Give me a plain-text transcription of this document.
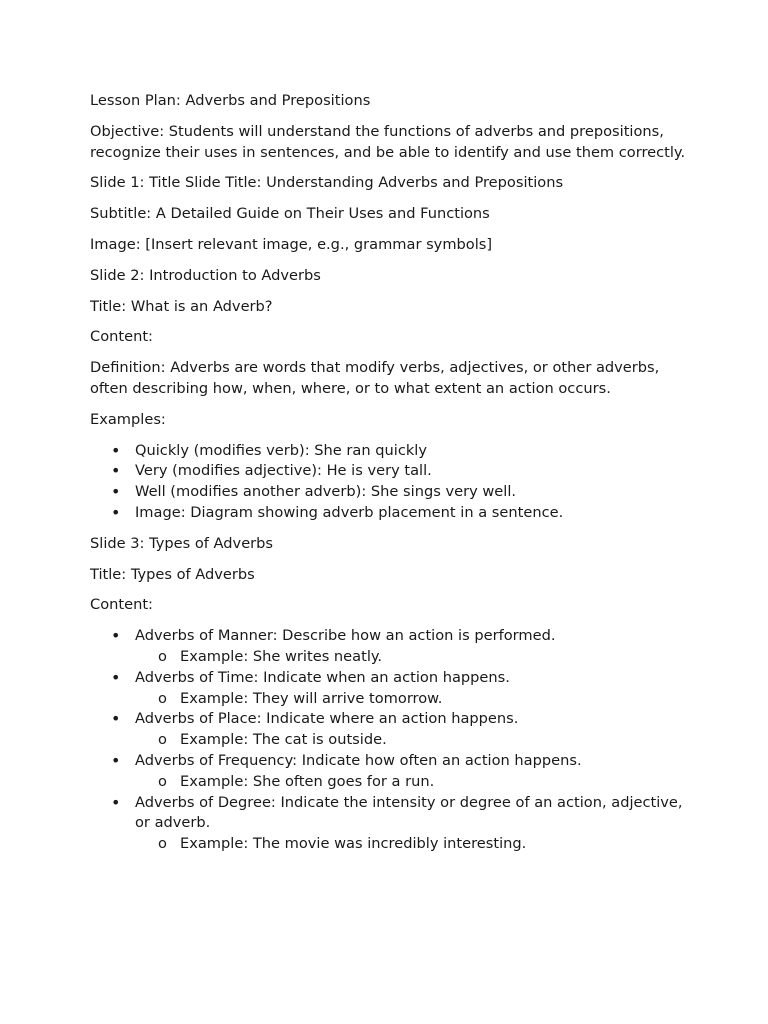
Lesson Plan: Adverbs and Prepositions

Objective: Students will understand the functions of adverbs and prepositions, recognize their uses in sentences, and be able to identify and use them correctly.

Slide 1: Title Slide Title: Understanding Adverbs and Prepositions

Subtitle: A Detailed Guide on Their Uses and Functions

Image: [Insert relevant image, e.g., grammar symbols]

Slide 2: Introduction to Adverbs

Title: What is an Adverb?

Content:

Definition: Adverbs are words that modify verbs, adjectives, or other adverbs, often describing how, when, where, or to what extent an action occurs.

Examples:

• Quickly (modifies verb): She ran quickly
• Very (modifies adjective): He is very tall.
• Well (modifies another adverb): She sings very well.
• Image: Diagram showing adverb placement in a sentence.

Slide 3: Types of Adverbs

Title: Types of Adverbs

Content:

• Adverbs of Manner: Describe how an action is performed.
o Example: She writes neatly.
• Adverbs of Time: Indicate when an action happens.
o Example: They will arrive tomorrow.
• Adverbs of Place: Indicate where an action happens.
o Example: The cat is outside.
• Adverbs of Frequency: Indicate how often an action happens.
o Example: She often goes for a run.
• Adverbs of Degree: Indicate the intensity or degree of an action, adjective, or adverb.
o Example: The movie was incredibly interesting.
